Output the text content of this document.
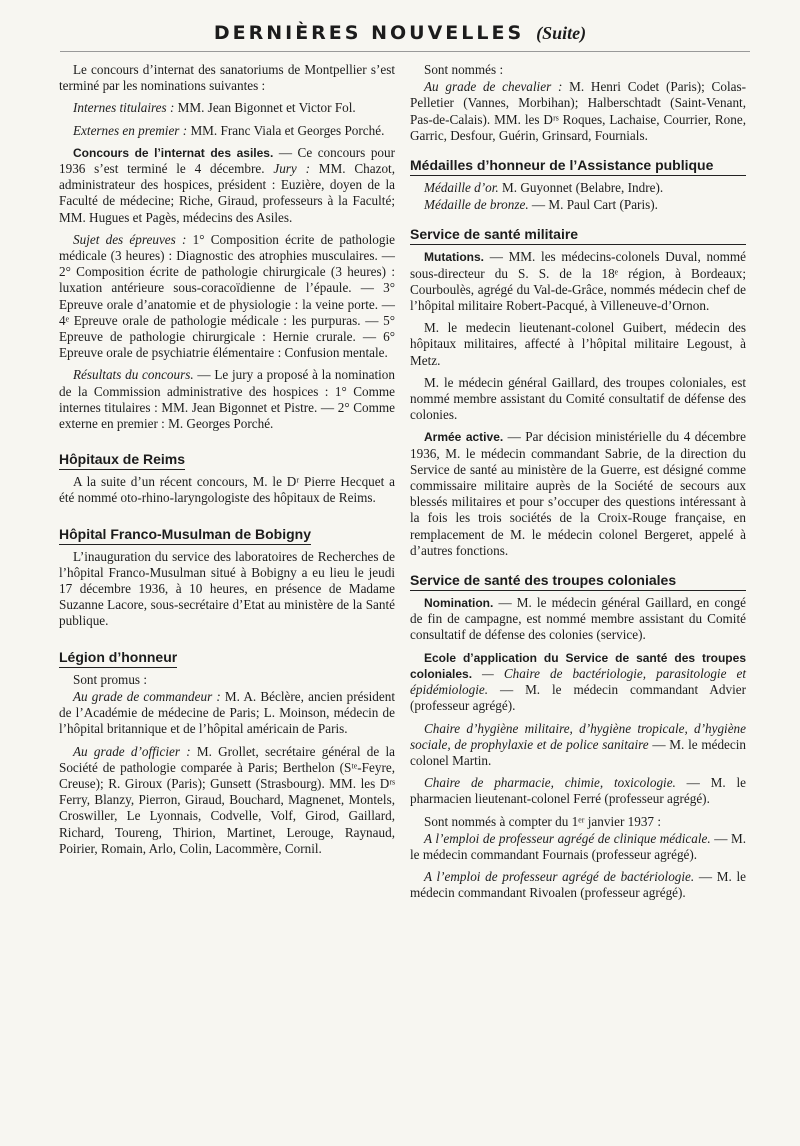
DERNIÈRES NOUVELLES (Suite)

Le concours d’internat des sanatoriums de Montpellier s’est terminé par les nominations suivantes :

Internes titulaires : MM. Jean Bigonnet et Victor Fol.

Externes en premier : MM. Franc Viala et Georges Porché.

Concours de l’internat des asiles. — Ce concours pour 1936 s’est terminé le 4 décembre. Jury : MM. Chazot, administrateur des hospices, président : Euzière, doyen de la Faculté de médecine; Riche, Giraud, professeurs à la Faculté; MM. Hugues et Pagès, médecins des Asiles.

Sujet des épreuves : 1° Composition écrite de pathologie médicale (3 heures) : Diagnostic des atrophies musculaires. — 2° Composition écrite de pathologie chirurgicale (3 heures) : luxation antérieure sous-coracoïdienne de l’épaule. — 3° Epreuve orale d’anatomie et de physiologie : la veine porte. — 4ᵉ Epreuve orale de pathologie médicale : les purpuras. — 5° Epreuve de pathologie chirurgicale : Hernie crurale. — 6° Epreuve orale de psychiatrie élémentaire : Confusion mentale.

Résultats du concours. — Le jury a proposé à la nomination de la Commission administrative des hospices : 1° Comme internes titulaires : MM. Jean Bigonnet et Pistre. — 2° Comme externe en premier : M. Georges Porché.

Hôpitaux de Reims

A la suite d’un récent concours, M. le Dʳ Pierre Hecquet a été nommé oto-rhino-laryngologiste des hôpitaux de Reims.

Hôpital Franco-Musulman de Bobigny

L’inauguration du service des laboratoires de Recherches de l’hôpital Franco-Musulman situé à Bobigny a eu lieu le jeudi 17 décembre 1936, à 10 heures, en présence de Madame Suzanne Lacore, sous-secrétaire d’Etat au ministère de la Santé publique.

Légion d’honneur

Sont promus :

Au grade de commandeur : M. A. Béclère, ancien président de l’Académie de médecine de Paris; L. Moinson, médecin de l’hôpital britannique et de l’hôpital américain de Paris.

Au grade d’officier : M. Grollet, secrétaire général de la Société de pathologie comparée à Paris; Berthelon (Sᵗᵉ-Feyre, Creuse); R. Giroux (Paris); Gunsett (Strasbourg). MM. les Dʳˢ Ferry, Blanzy, Pierron, Giraud, Bouchard, Magnenet, Montels, Croswiller, Le Lyonnais, Codvelle, Volf, Girod, Gaillard, Richard, Toureng, Thirion, Martinet, Lerouge, Raynaud, Poirier, Romain, Arlo, Colin, Lacommère, Cornil.

Sont nommés :

Au grade de chevalier : M. Henri Codet (Paris); Colas-Pelletier (Vannes, Morbihan); Halberschtadt (Saint-Venant, Pas-de-Calais). MM. les Dʳˢ Roques, Lachaise, Courrier, Rone, Garric, Desfour, Guérin, Grinsard, Fournials.

Médailles d’honneur de l’Assistance publique

Médaille d’or. M. Guyonnet (Belabre, Indre).

Médaille de bronze. — M. Paul Cart (Paris).

Service de santé militaire

Mutations. — MM. les médecins-colonels Duval, nommé sous-directeur du S. S. de la 18ᵉ région, à Bordeaux; Courboulès, agrégé du Val-de-Grâce, nommés médecin chef de l’hôpital militaire Robert-Pacqué, à Villeneuve-d’Ornon.

M. le medecin lieutenant-colonel Guibert, médecin des hôpitaux militaires, affecté à l’hôpital militaire Legoust, à Metz.

M. le médecin général Gaillard, des troupes coloniales, est nommé membre assistant du Comité consultatif de défense des colonies.

Armée active. — Par décision ministérielle du 4 décembre 1936, M. le médecin commandant Sabrie, de la direction du Service de santé au ministère de la Guerre, est désigné comme commissaire militaire auprès de la Société de secours aux blessés militaires et pour s’occuper des questions intéressant à la fois les trois sociétés de la Croix-Rouge française, en remplacement de M. le médecin colonel Bergeret, appelé à d’autres fonctions.

Service de santé des troupes coloniales

Nomination. — M. le médecin général Gaillard, en congé de fin de campagne, est nommé membre assistant du Comité consultatif de défense des colonies (service).

Ecole d’application du Service de santé des troupes coloniales. — Chaire de bactériologie, parasitologie et épidémiologie. — M. le médecin commandant Advier (professeur agrégé).

Chaire d’hygiène militaire, d’hygiène tropicale, d’hygiène sociale, de prophylaxie et de police sanitaire — M. le médecin colonel Martin.

Chaire de pharmacie, chimie, toxicologie. — M. le pharmacien lieutenant-colonel Ferré (professeur agrégé).

Sont nommés à compter du 1ᵉʳ janvier 1937 :

A l’emploi de professeur agrégé de clinique médicale. — M. le médecin commandant Fournais (professeur agrégé).

A l’emploi de professeur agrégé de bactériologie. — M. le médecin commandant Rivoalen (professeur agrégé).
